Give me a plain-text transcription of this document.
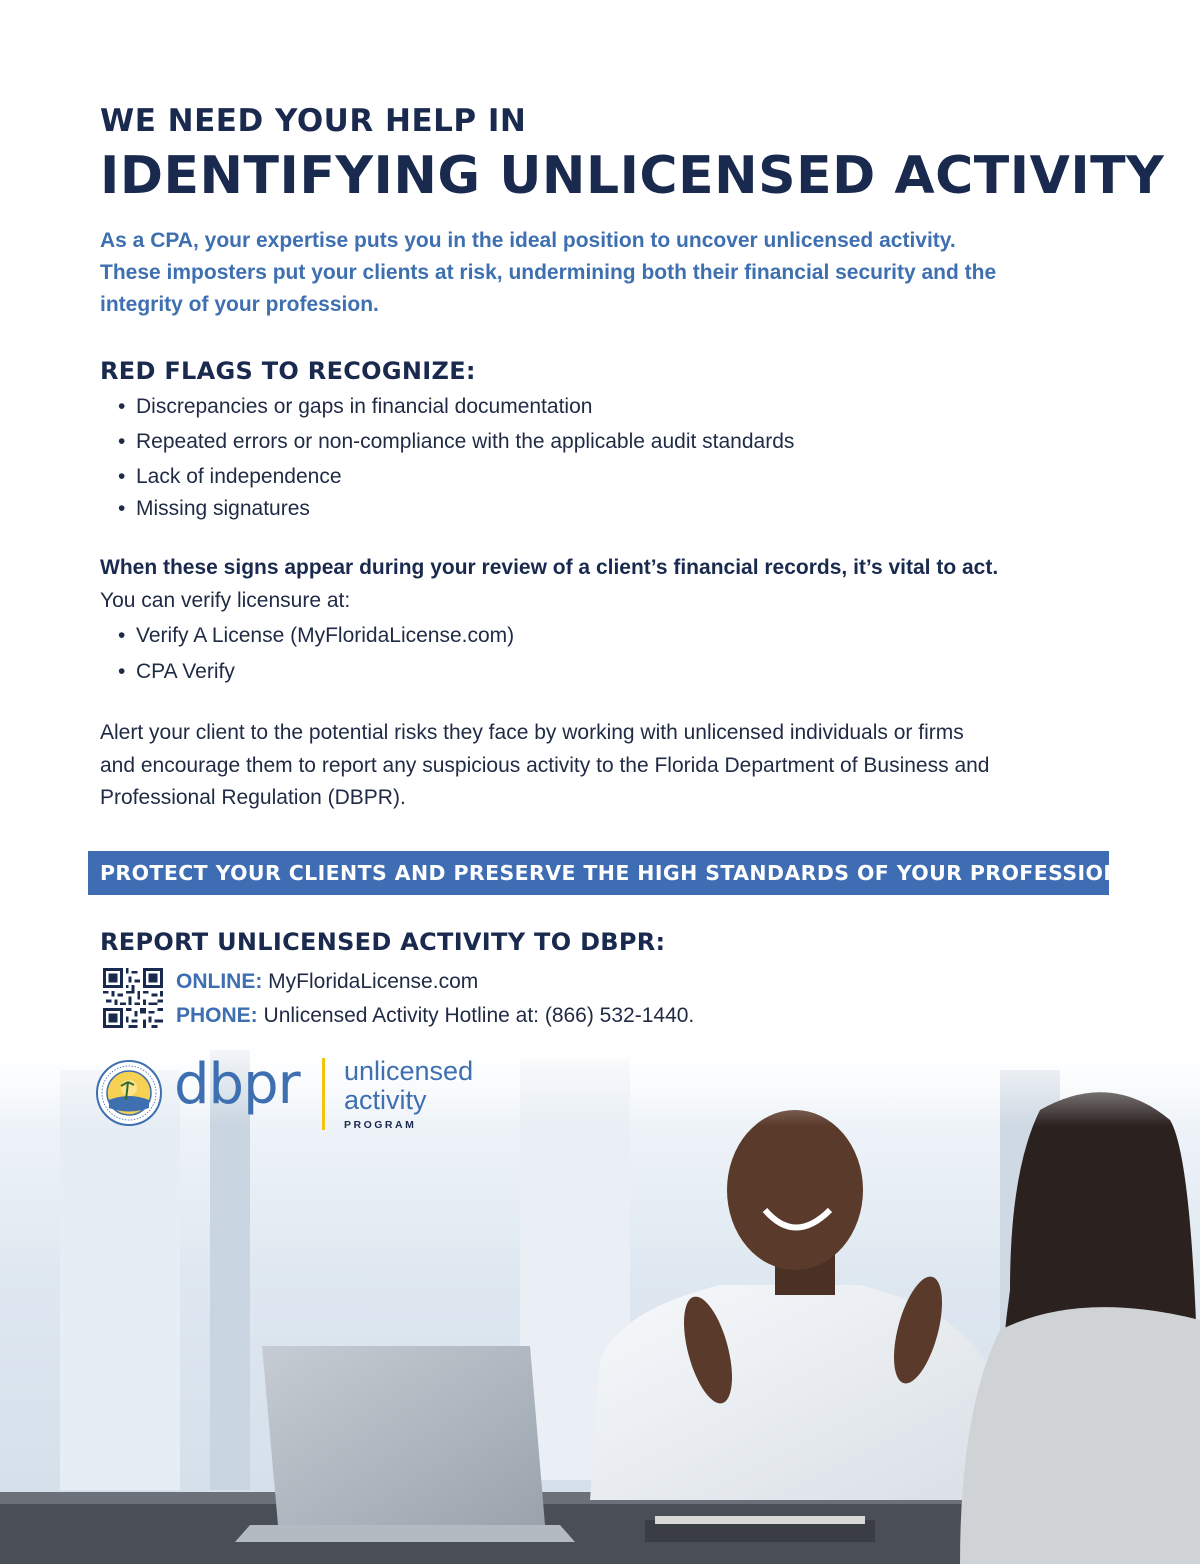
WE NEED YOUR HELP IN
IDENTIFYING UNLICENSED ACTIVITY
As a CPA, your expertise puts you in the ideal position to uncover unlicensed activity.
These imposters put your clients at risk, undermining both their financial security and the
integrity of your profession.
RED FLAGS TO RECOGNIZE:
• Discrepancies or gaps in financial documentation
• Repeated errors or non-compliance with the applicable audit standards
• Lack of independence
• Missing signatures
When these signs appear during your review of a client’s financial records, it’s vital to act.
You can verify licensure at:
• Verify A License (MyFloridaLicense.com)
• CPA Verify
Alert your client to the potential risks they face by working with unlicensed individuals or firms
and encourage them to report any suspicious activity to the Florida Department of Business and
Professional Regulation (DBPR).
REPORT UNLICENSED ACTIVITY TO DBPR:
PROTECT YOUR CLIENTS AND PRESERVE THE HIGH STANDARDS OF YOUR PROFESSION.
ONLINE: MyFloridaLicense.com
PHONE: Unlicensed Activity Hotline at: (866) 532-1440.
dbpr unlicensed
activity
PROGRAM
